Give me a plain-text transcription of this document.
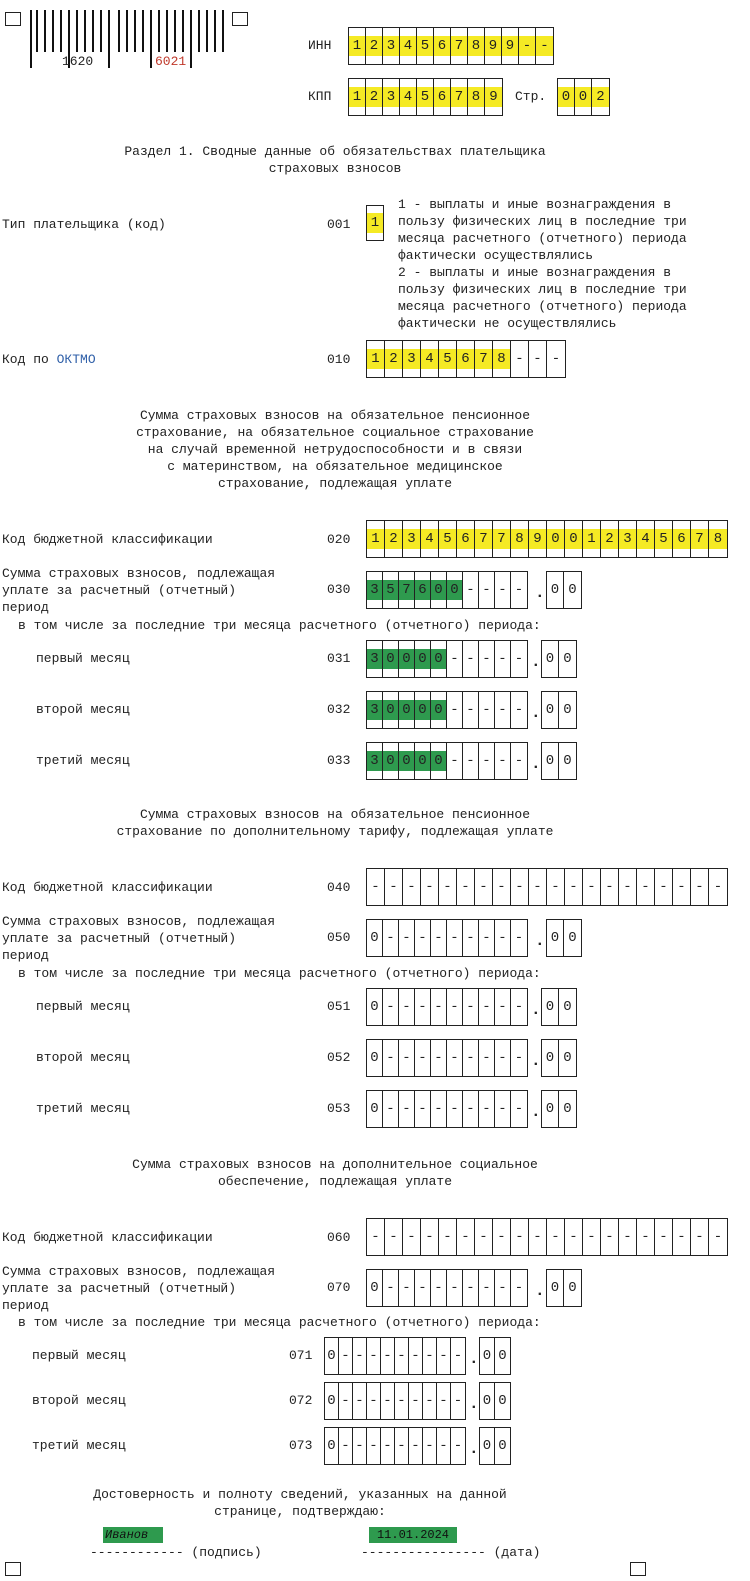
1620	6021
ИНН 1 2 3 4 5 6 7 8 9 9 - -
КПП 1 2 3 4 5 6 7 8 9	Стр. 0 0 2
Раздел 1. Сводные данные об обязательствах плательщика
страховых взносов
Тип плательщика (код)	001 1
1 - выплаты и иные вознаграждения в
пользу физических лиц в последние три
месяца расчетного (отчетного) периода
фактически осуществлялись
2 - выплаты и иные вознаграждения в
пользу физических лиц в последние три
месяца расчетного (отчетного) периода
фактически не осуществлялись
Код по ОКТМО	010	1 2 3 4 5 6 7 8 - - -
Сумма страховых взносов на обязательное пенсионное
страхование, на обязательное социальное страхование
на случай временной нетрудоспособности и в связи
с материнством, на обязательное медицинское
страхование, подлежащая уплате
Код бюджетной классификации	020	1 2 3 4 5 6 7 7 8 9 0 0 1 2 3 4 5 6 7 8
Сумма страховых взносов, подлежащая
уплате за расчетный (отчетный)
период
030 3 5 7 6 0 0 - - - - . 0 0
в том числе за последние три месяца расчетного (отчетного) периода:
первый месяц	031 3 0 0 0 0 - - - - - . 0 0
второй месяц	032 3 0 0 0 0 - - - - - . 0 0
третий месяц	033 3 0 0 0 0 - - - - - . 0 0
Сумма страховых взносов на обязательное пенсионное
страхование по дополнительному тарифу, подлежащая уплате
Код бюджетной классификации	040	- - - - - - - - - - - - - - - - - - - -
Сумма страховых взносов, подлежащая
уплате за расчетный (отчетный)
период
050 0 - - - - - - - - - . 0 0
в том числе за последние три месяца расчетного (отчетного) периода:
первый месяц	051 0 - - - - - - - - - . 0 0
второй месяц	052 0 - - - - - - - - - . 0 0
третий месяц	053 0 - - - - - - - - - . 0 0
Сумма страховых взносов на дополнительное социальное
обеспечение, подлежащая уплате
Код бюджетной классификации	060	- - - - - - - - - - - - - - - - - - - -
Сумма страховых взносов, подлежащая
уплате за расчетный (отчетный)
период
070 0 - - - - - - - - - . 0 0
в том числе за последние три месяца расчетного (отчетного) периода:
первый месяц	071 0 - - - - - - - - - . 0 0
второй месяц	072 0 - - - - - - - - - . 0 0
третий месяц	073 0 - - - - - - - - - . 0 0
Достоверность и полноту сведений, указанных на данной
странице, подтверждаю:
Иванов	11.01.2024
------------ (подпись)	---------------- (дата)
